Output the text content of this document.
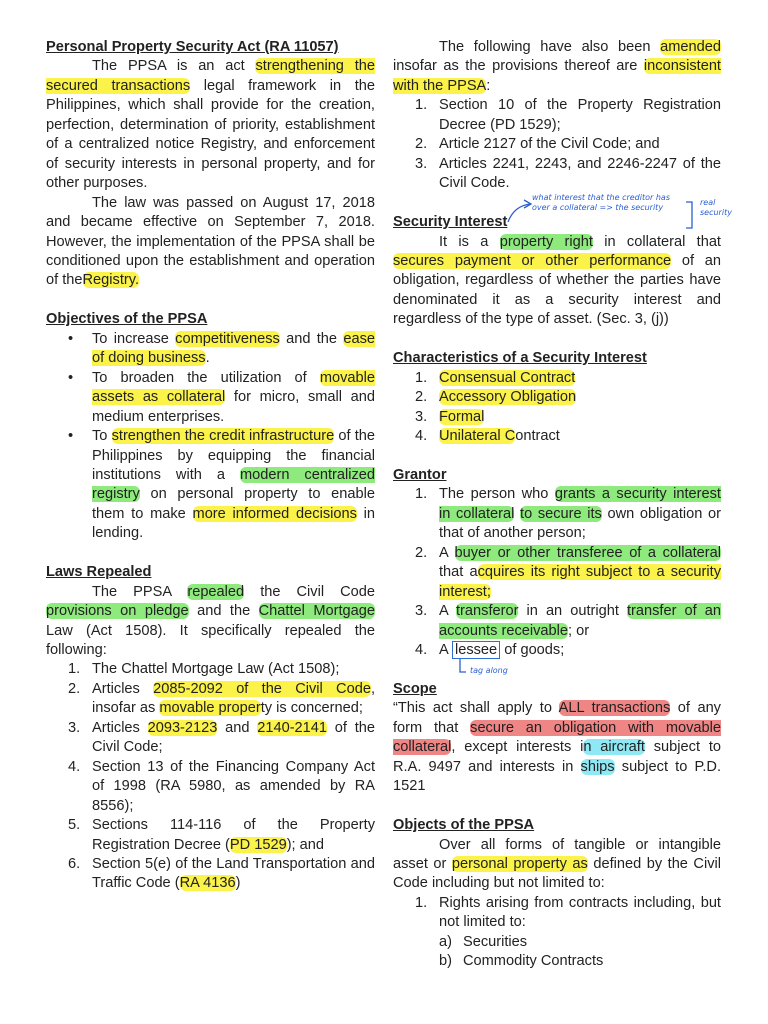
Personal Property Security Act (RA 11057)

The PPSA is an act strengthening the secured transactions legal framework in the Philippines, which shall provide for the creation, perfection, determination of priority, establishment of a centralized notice Registry, and enforcement of security interests in personal property, and for other purposes.

The law was passed on August 17, 2018 and became effective on September 7, 2018. However, the implementation of the PPSA shall be conditioned upon the establishment and operation of theRegistry.

Objectives of the PPSA

• To increase competitiveness and the ease of doing business.
• To broaden the utilization of movable assets as collateral for micro, small and medium enterprises.
• To strengthen the credit infrastructure of the Philippines by equipping the financial institutions with a modern centralized registry on personal property to enable them to make more informed decisions in lending.

Laws Repealed

The PPSA repealed the Civil Code provisions on pledge and the Chattel Mortgage Law (Act 1508). It specifically repealed the following:

1. The Chattel Mortgage Law (Act 1508);
2. Articles 2085-2092 of the Civil Code, insofar as movable property is concerned;
3. Articles 2093-2123 and 2140-2141 of the Civil Code;
4. Section 13 of the Financing Company Act of 1998 (RA 5980, as amended by RA 8556);
5. Sections 114-116 of the Property Registration Decree (PD 1529); and
6. Section 5(e) of the Land Transportation and Traffic Code (RA 4136)

The following have also been amended insofar as the provisions thereof are inconsistent with the PPSA:

1. Section 10 of the Property Registration Decree (PD 1529);
2. Article 2127 of the Civil Code; and
3. Articles 2241, 2243, and 2246-2247 of the Civil Code.

Security Interest

It is a property right in collateral that secures payment or other performance of an obligation, regardless of whether the parties have denominated it as a security interest and regardless of the type of asset. (Sec. 3, (j))

Characteristics of a Security Interest

1. Consensual Contract
2. Accessory Obligation
3. Formal
4. Unilateral Contract

Grantor

1. The person who grants a security interest in collateral to secure its own obligation or that of another person;
2. A buyer or other transferee of a collateral that acquires its right subject to a security interest;
3. A transferor in an outright transfer of an accounts receivable; or
4. A lessee of goods;

Scope

“This act shall apply to ALL transactions of any form that secure an obligation with movable collateral, except interests in aircraft subject to R.A. 9497 and interests in ships subject to P.D. 1521

Objects of the PPSA

Over all forms of tangible or intangible asset or personal property as defined by the Civil Code including but not limited to:

1. Rights arising from contracts including, but not limited to:
a) Securities
b) Commodity Contracts
what interest that the creditor has over a collateral => the security
real security
tag along
